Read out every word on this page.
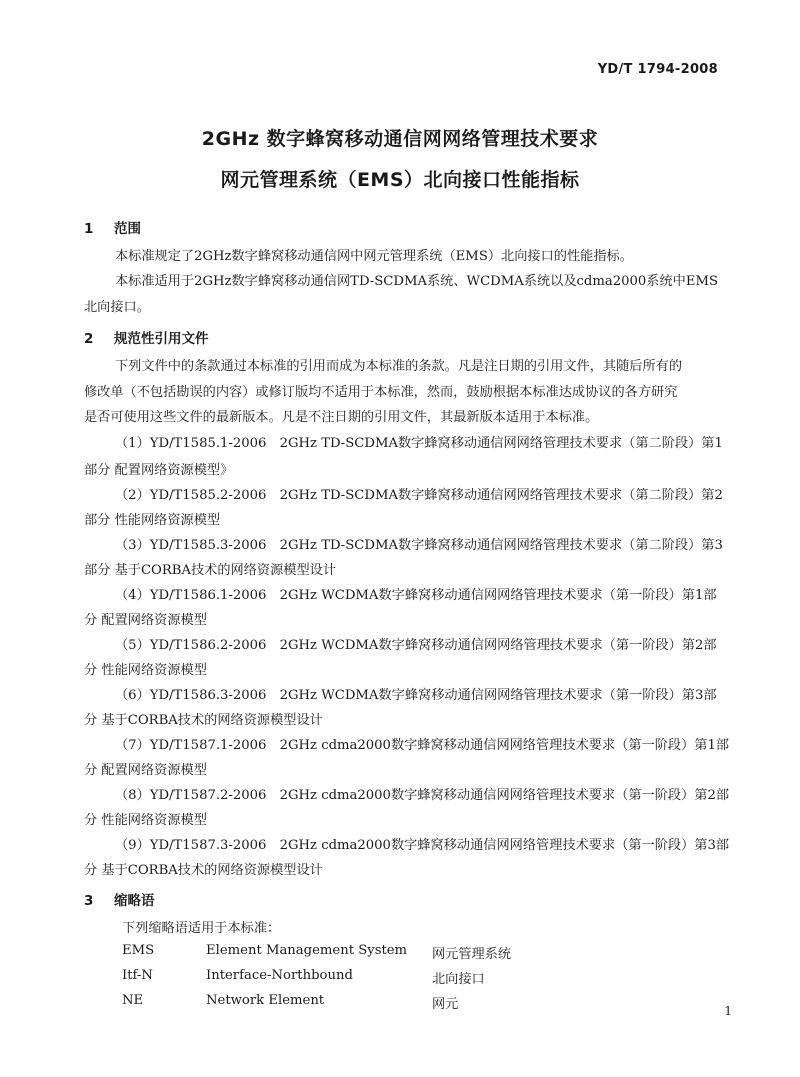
YD/T 1794-2008
2GHz 数字蜂窝移动通信网网络管理技术要求
网元管理系统（EMS）北向接口性能指标
1 范围
本标准规定了2GHz数字蜂窝移动通信网中网元管理系统（EMS）北向接口的性能指标。
本标准适用于2GHz数字蜂窝移动通信网TD-SCDMA系统、WCDMA系统以及cdma2000系统中EMS
北向接口。
2 规范性引用文件
下列文件中的条款通过本标准的引用而成为本标准的条款。凡是注日期的引用文件，其随后所有的
修改单（不包括勘误的内容）或修订版均不适用于本标准，然而，鼓励根据本标准达成协议的各方研究
是否可使用这些文件的最新版本。凡是不注日期的引用文件，其最新版本适用于本标准。
（1）YD/T1585.1-2006　2GHz TD-SCDMA数字蜂窝移动通信网网络管理技术要求（第二阶段）第1
部分 配置网络资源模型》
（2）YD/T1585.2-2006　2GHz TD-SCDMA数字蜂窝移动通信网网络管理技术要求（第二阶段）第2
部分 性能网络资源模型
（3）YD/T1585.3-2006　2GHz TD-SCDMA数字蜂窝移动通信网网络管理技术要求（第二阶段）第3
部分 基于CORBA技术的网络资源模型设计
（4）YD/T1586.1-2006　2GHz WCDMA数字蜂窝移动通信网网络管理技术要求（第一阶段）第1部
分 配置网络资源模型
（5）YD/T1586.2-2006　2GHz WCDMA数字蜂窝移动通信网网络管理技术要求（第一阶段）第2部
分 性能网络资源模型
（6）YD/T1586.3-2006　2GHz WCDMA数字蜂窝移动通信网网络管理技术要求（第一阶段）第3部
分 基于CORBA技术的网络资源模型设计
（7）YD/T1587.1-2006　2GHz cdma2000数字蜂窝移动通信网网络管理技术要求（第一阶段）第1部
分 配置网络资源模型
（8）YD/T1587.2-2006　2GHz cdma2000数字蜂窝移动通信网网络管理技术要求（第一阶段）第2部
分 性能网络资源模型
（9）YD/T1587.3-2006　2GHz cdma2000数字蜂窝移动通信网网络管理技术要求（第一阶段）第3部
分 基于CORBA技术的网络资源模型设计
3 缩略语
下列缩略语适用于本标准：
EMS	Element Management System 网元管理系统
Itf-N	Interface-Northbound	北向接口
NE	Network Element	网元	1
